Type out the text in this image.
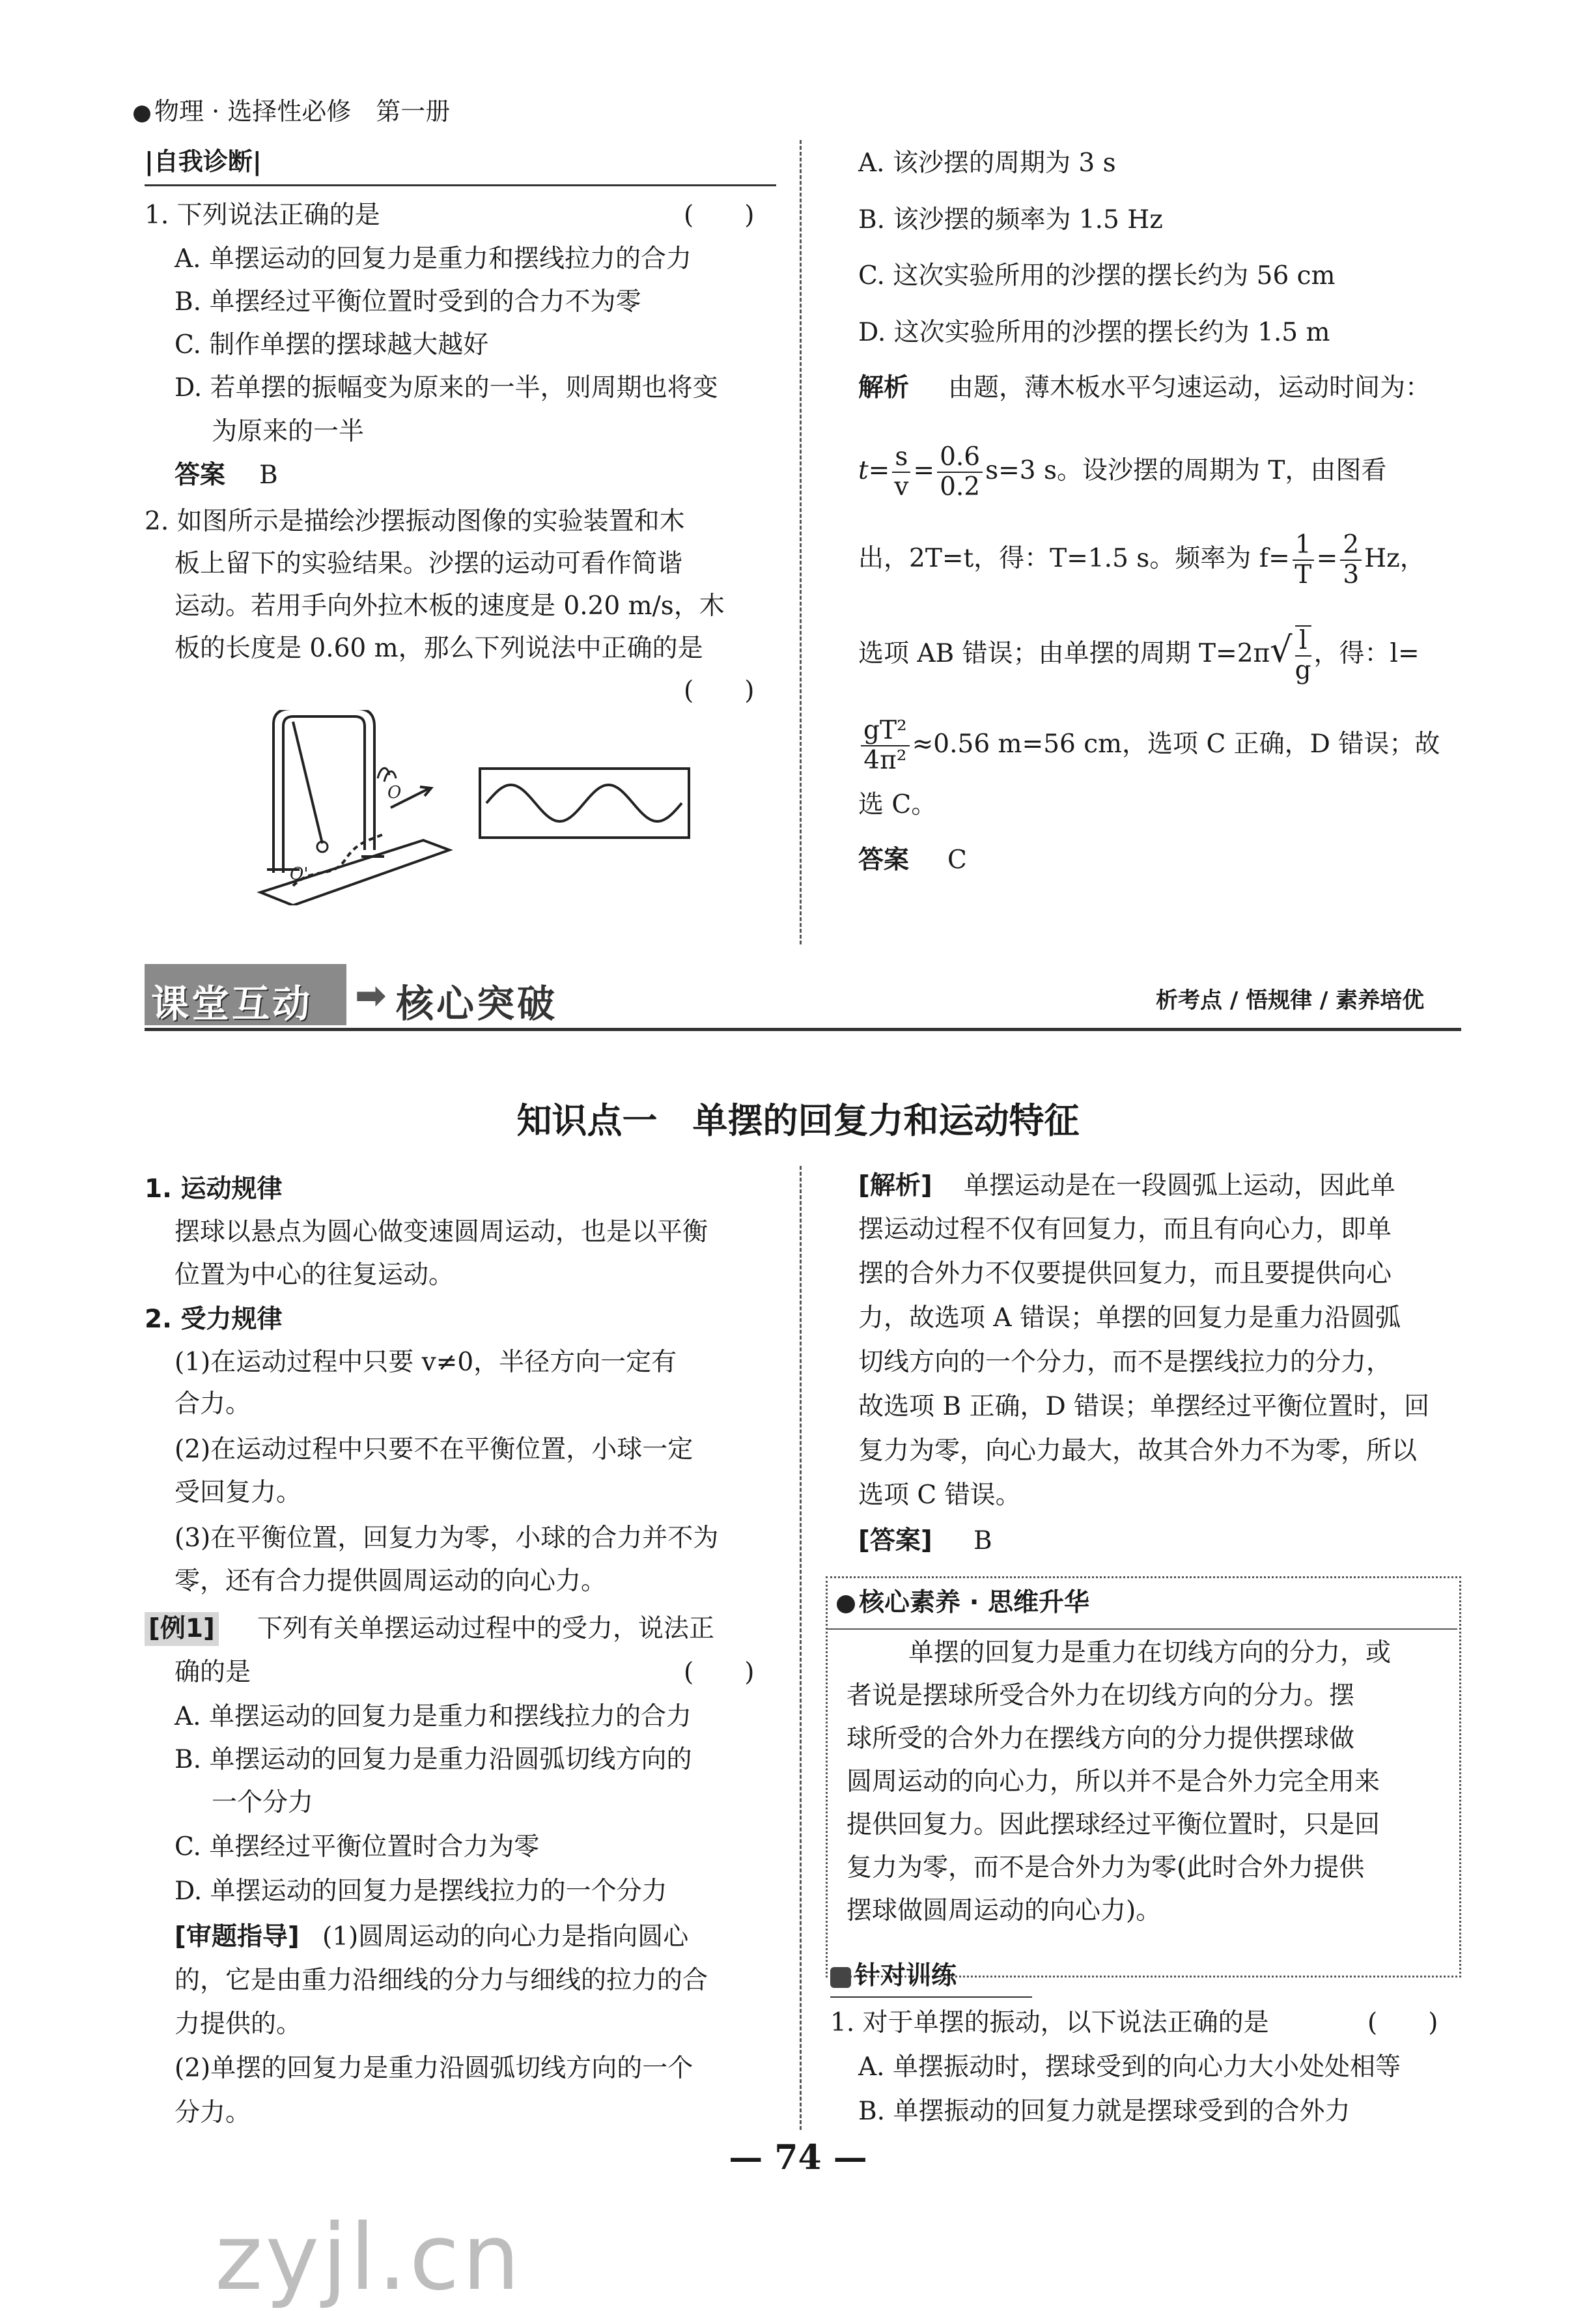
物理 · 选择性必修　第一册
|自我诊断|
1. 下列说法正确的是	(　　)
A. 单摆运动的回复力是重力和摆线拉力的合力
B. 单摆经过平衡位置时受到的合力不为零
C. 制作单摆的摆球越大越好
D. 若单摆的振幅变为原来的一半，则周期也将变
为原来的一半
答案 B
2. 如图所示是描绘沙摆振动图像的实验装置和木
板上留下的实验结果。沙摆的运动可看作简谐
运动。若用手向外拉木板的速度是 0.20 m/s，木
板的长度是 0.60 m，那么下列说法中正确的是
(　　)
O
O'
A. 该沙摆的周期为 3 s
B. 该沙摆的频率为 1.5 Hz
C. 这次实验所用的沙摆的摆长约为 56 cm
D. 这次实验所用的沙摆的摆长约为 1.5 m
解析 由题，薄木板水平匀速运动，运动时间为：
$t= \frac{s}{v} = \frac{0.6}{0.2} s=3$ s。设沙摆的周期为 T，由图看
出，2T=t，得：T=1.5 s。频率为 $f= \frac{1}{T} = \frac{2}{3}$ Hz，
选项 AB 错误；由单摆的周期 $T=2\pi√ \frac{l}{g}$ ，得：l=
$\frac{\text{gT²}}{\text{4π²}} \approx 0.56$ m=56 cm，选项 C 正确，D 错误；故
选 C。
答案 C
课堂互动 ➡ 核心突破	析考点 / 悟规律 / 素养培优
知识点一　单摆的回复力和运动特征
1. 运动规律
摆球以悬点为圆心做变速圆周运动，也是以平衡
位置为中心的往复运动。
2. 受力规律
(1)在运动过程中只要 v≠0，半径方向一定有
合力。
(2)在运动过程中只要不在平衡位置，小球一定
受回复力。
(3)在平衡位置，回复力为零，小球的合力并不为
零，还有合力提供圆周运动的向心力。
[例1] 下列有关单摆运动过程中的受力，说法正
确的是	(　　)
A. 单摆运动的回复力是重力和摆线拉力的合力
B. 单摆运动的回复力是重力沿圆弧切线方向的
一个分力
C. 单摆经过平衡位置时合力为零
D. 单摆运动的回复力是摆线拉力的一个分力
[审题指导] (1)圆周运动的向心力是指向圆心
的，它是由重力沿细线的分力与细线的拉力的合
力提供的。
(2)单摆的回复力是重力沿圆弧切线方向的一个
分力。
[解析] 单摆运动是在一段圆弧上运动，因此单
摆运动过程不仅有回复力，而且有向心力，即单
摆的合外力不仅要提供回复力，而且要提供向心
力，故选项 A 错误；单摆的回复力是重力沿圆弧
切线方向的一个分力，而不是摆线拉力的分力，
故选项 B 正确，D 错误；单摆经过平衡位置时，回
复力为零，向心力最大，故其合外力不为零，所以
选项 C 错误。
[答案] B
核心素养 · 思维升华
单摆的回复力是重力在切线方向的分力，或
者说是摆球所受合外力在切线方向的分力。摆
球所受的合外力在摆线方向的分力提供摆球做
圆周运动的向心力，所以并不是合外力完全用来
提供回复力。因此摆球经过平衡位置时，只是回
复力为零，而不是合外力为零(此时合外力提供
摆球做圆周运动的向心力)。
针对训练
1. 对于单摆的振动，以下说法正确的是	(　　)
A. 单摆振动时，摆球受到的向心力大小处处相等
B. 单摆振动的回复力就是摆球受到的合外力
— 74 —
zyjl.cn
